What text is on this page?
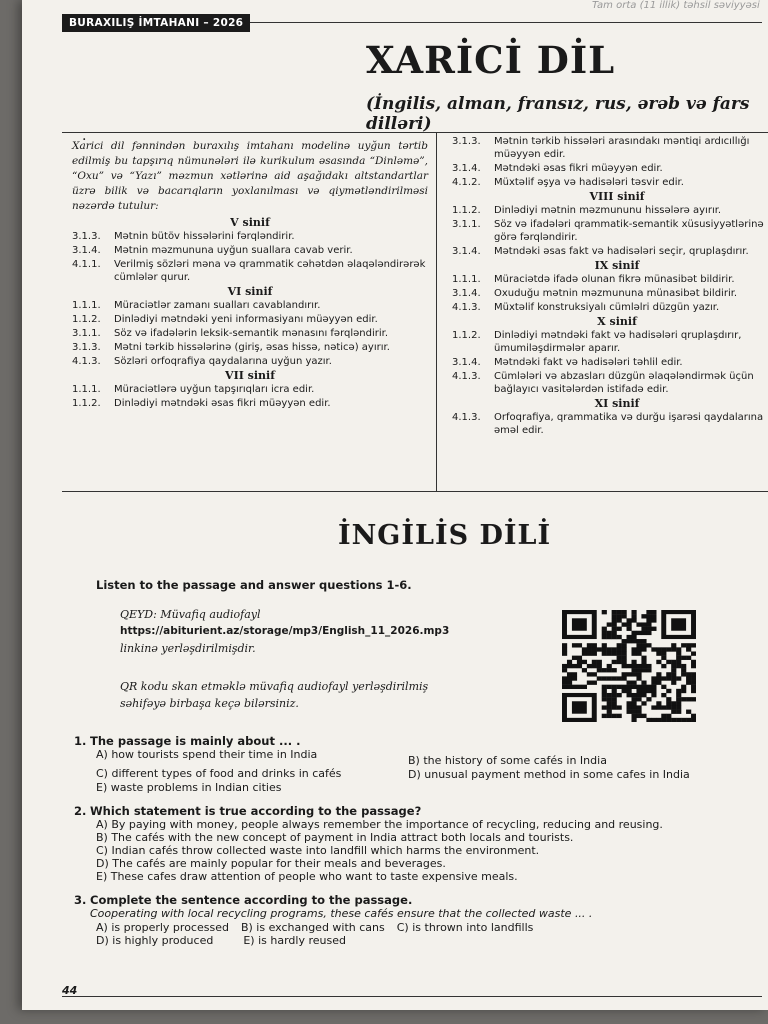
Tam orta (11 illik) təhsil səviyyəsi
BURAXILIŞ İMTAHANI – 2026
XARİCİ DİL
(İngilis, alman, fransız, rus, ərəb və fars dilləri)
.

Xarici dil fənnindən buraxılış imtahanı modelinə uyğun tərtib edilmiş bu tapşırıq nümunələri ilə kurikulum əsasında “Dinləmə”, “Oxu” və “Yazı” məzmun xətlərinə aid aşağıdakı altstandartlar üzrə bilik və bacarıqların yoxlanılması və qiymətləndirilməsi nəzərdə tutulur:

V sinif
3.1.3.	Mətnin bütöv hissələrini fərqləndirir.
3.1.4.	Mətnin məzmununa uyğun suallara cavab verir.
4.1.1.	Verilmiş sözləri məna və qrammatik cəhətdən əlaqələndirərək cümlələr qurur.
VI sinif
1.1.1.	Müraciətlər zamanı sualları cavablandırır.
1.1.2.	Dinlədiyi mətndəki yeni informasiyanı müəyyən edir.
3.1.1.	Söz və ifadələrin leksik-semantik mənasını fərqləndirir.
3.1.3.	Mətni tərkib hissələrinə (giriş, əsas hissə, nəticə) ayırır.
4.1.3.	Sözləri orfoqrafiya qaydalarına uyğun yazır.
VII sinif
1.1.1.	Müraciətlərə uyğun tapşırıqları icra edir.
1.1.2.	Dinlədiyi mətndəki əsas fikri müəyyən edir.
3.1.3.	Mətnin tərkib hissələri arasındakı məntiqi ardıcıllığı müəyyən edir.
3.1.4.	Mətndəki əsas fikri müəyyən edir.
4.1.2.	Müxtəlif əşya və hadisələri təsvir edir.
VIII sinif
1.1.2.	Dinlədiyi mətnin məzmununu hissələrə ayırır.
3.1.1.	Söz və ifadələri qrammatik-semantik xüsusiyyətlərinə görə fərqləndirir.
3.1.4.	Mətndəki əsas fakt və hadisələri seçir, qruplaşdırır.
IX sinif
1.1.1.	Müraciətdə ifadə olunan fikrə münasibət bildirir.
3.1.4.	Oxuduğu mətnin məzmununa münasibət bildirir.
4.1.3.	Müxtəlif konstruksiyalı cümləlri düzgün yazır.
X sinif
1.1.2.	Dinlədiyi mətndəki fakt və hadisələri qruplaşdırır, ümumiləşdirmələr aparır.
3.1.4.	Mətndəki fakt və hadisələri təhlil edir.
4.1.3.	Cümlələri və abzasları düzgün əlaqələndirmək üçün bağlayıcı vasitələrdən istifadə edir.
XI sinif
4.1.3.	Orfoqrafiya, qrammatika və durğu işarəsi qaydalarına əməl edir.
İNGİLİS DİLİ
Listen to the passage and answer questions 1-6.
QEYD: Müvafiq audiofayl
https://abiturient.az/storage/mp3/English_11_2026.mp3
linkinə yerləşdirilmişdir.
QR kodu skan etməklə müvafiq audiofayl yerləşdirilmiş
səhifəyə birbaşa keçə bilərsiniz.
1. The passage is mainly about ... .
A) how tourists spend their time in India	B) the history of some cafés in India
C) different types of food and drinks in cafés	D) unusual payment method in some cafes in India
E) waste problems in Indian cities
2. Which statement is true according to the passage?
A) By paying with money, people always remember the importance of recycling, reducing and reusing.
B) The cafés with the new concept of payment in India attract both locals and tourists.
C) Indian cafés throw collected waste into landfill which harms the environment.
D) The cafés are mainly popular for their meals and beverages.
E) These cafes draw attention of people who want to taste expensive meals.
3. Complete the sentence according to the passage.
Cooperating with local recycling programs, these cafés ensure that the collected waste ... .
A) is properly processed B) is exchanged with cans C) is thrown into landfills
D) is highly produced	E) is hardly reused
44
